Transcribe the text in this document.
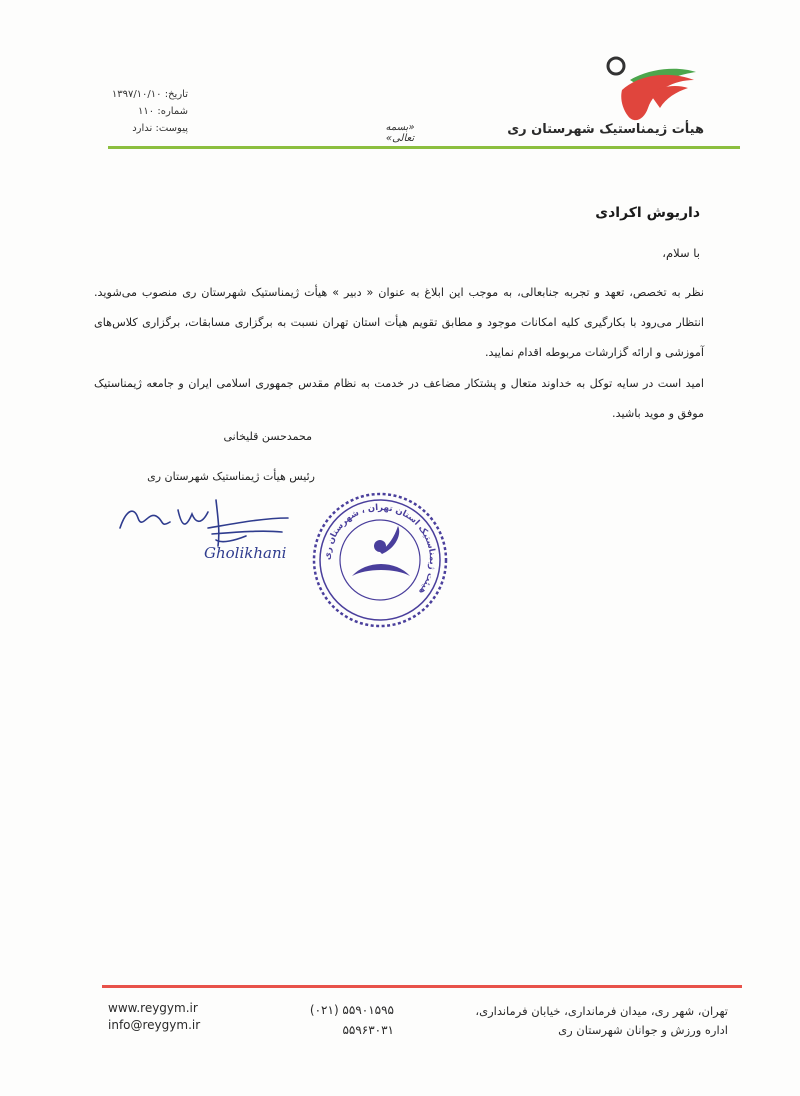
هیأت ژیمناستیک شهرستان ری
«بسمه تعالی»
تاریخ: ۱۳۹۷/۱۰/۱۰
شماره: ۱۱۰
پیوست: ندارد
داریوش اکرادی
با سلام،
نظر به تخصص، تعهد و تجربه جنابعالی، به موجب این ابلاغ به عنوان « دبیر » هیأت ژیمناستیک شهرستان ری منصوب می‌شوید. انتظار می‌رود با بکارگیری کلیه امکانات موجود و مطابق تقویم هیأت استان تهران نسبت به برگزاری مسابقات، برگزاری کلاس‌های آموزشی و ارائه گزارشات مربوطه اقدام نمایید.
امید است در سایه توکل به خداوند متعال و پشتکار مضاعف در خدمت به نظام مقدس جمهوری اسلامی ایران و جامعه ژیمناستیک موفق و موید باشید.
محمدحسن قلیخانی
رئیس هیأت ژیمناستیک شهرستان ری
Gholikhani	هیئت ژیمناستیک استان تهران ، شهرستان ری
تهران، شهر ری، میدان فرمانداری، خیابان فرمانداری،
اداره ورزش و جوانان شهرستان ری
(۰۲۱) ۵۵۹۰۱۵۹۵
۵۵۹۶۳۰۳۱
www.reygym.ir
info@reygym.ir
